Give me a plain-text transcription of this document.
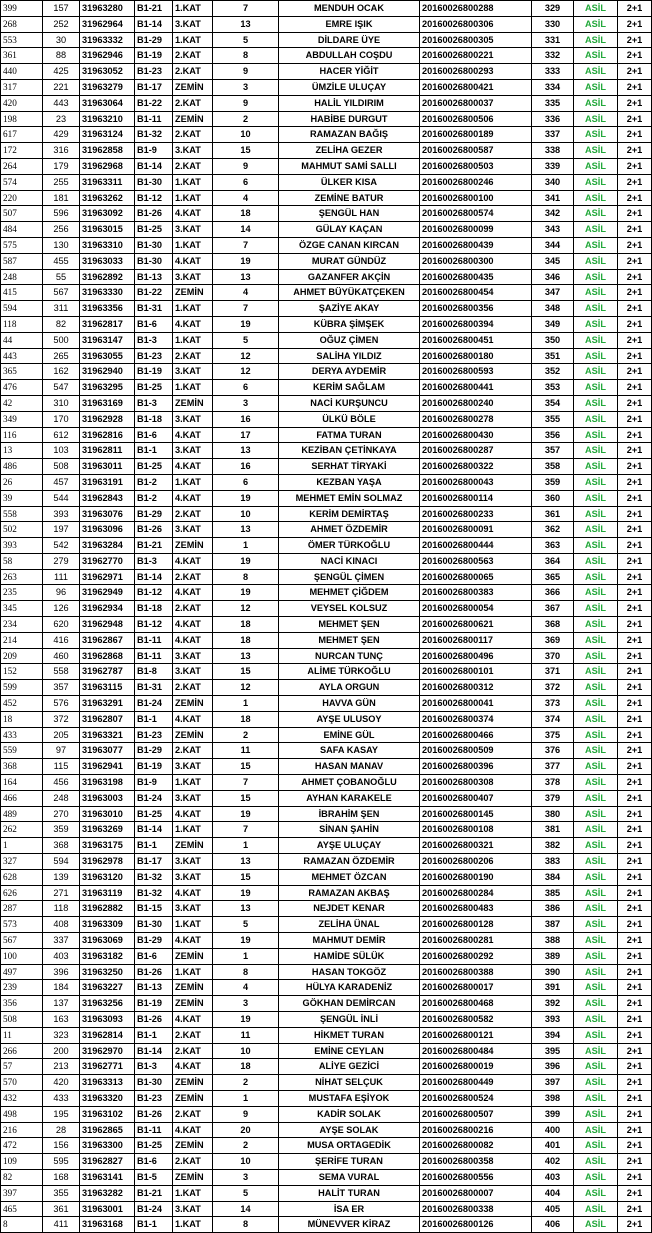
399	157	31963280	B1-21	1.KAT	7	MENDUH OCAK	20160026800288	329	ASİL	2+1
268	252	31962964	B1-14	3.KAT	13	EMRE IŞIK	20160026800306	330	ASİL	2+1
553	30	31963332	B1-29	1.KAT	5	DİLDARE ÜYE	20160026800305	331	ASİL	2+1
361	88	31962946	B1-19	2.KAT	8	ABDULLAH COŞDU	20160026800221	332	ASİL	2+1
440	425	31963052	B1-23	2.KAT	9	HACER YİĞİT	20160026800293	333	ASİL	2+1
317	221	31963279	B1-17	ZEMİN	3	ÜMZİLE ULUÇAY	20160026800421	334	ASİL	2+1
420	443	31963064	B1-22	2.KAT	9	HALİL YILDIRIM	20160026800037	335	ASİL	2+1
198	23	31963210	B1-11	ZEMİN	2	HABİBE DURGUT	20160026800506	336	ASİL	2+1
617	429	31963124	B1-32	2.KAT	10	RAMAZAN BAĞIŞ	20160026800189	337	ASİL	2+1
172	316	31962858	B1-9	3.KAT	15	ZELİHA GEZER	20160026800587	338	ASİL	2+1
264	179	31962968	B1-14	2.KAT	9	MAHMUT SAMİ SALLI	20160026800503	339	ASİL	2+1
574	255	31963311	B1-30	1.KAT	6	ÜLKER KISA	20160026800246	340	ASİL	2+1
220	181	31963262	B1-12	1.KAT	4	ZEMİNE BATUR	20160026800100	341	ASİL	2+1
507	596	31963092	B1-26	4.KAT	18	ŞENGÜL HAN	20160026800574	342	ASİL	2+1
484	256	31963015	B1-25	3.KAT	14	GÜLAY KAÇAN	20160026800099	343	ASİL	2+1
575	130	31963310	B1-30	1.KAT	7	ÖZGE CANAN KIRCAN	20160026800439	344	ASİL	2+1
587	455	31963033	B1-30	4.KAT	19	MURAT GÜNDÜZ	20160026800300	345	ASİL	2+1
248	55	31962892	B1-13	3.KAT	13	GAZANFER AKÇİN	20160026800435	346	ASİL	2+1
415	567	31963330	B1-22	ZEMİN	4	AHMET BÜYÜKATÇEKEN	20160026800454	347	ASİL	2+1
594	311	31963356	B1-31	1.KAT	7	ŞAZİYE AKAY	20160026800356	348	ASİL	2+1
118	82	31962817	B1-6	4.KAT	19	KÜBRA ŞİMŞEK	20160026800394	349	ASİL	2+1
44	500	31963147	B1-3	1.KAT	5	OĞUZ ÇİMEN	20160026800451	350	ASİL	2+1
443	265	31963055	B1-23	2.KAT	12	SALİHA YILDIZ	20160026800180	351	ASİL	2+1
365	162	31962940	B1-19	3.KAT	12	DERYA AYDEMİR	20160026800593	352	ASİL	2+1
476	547	31963295	B1-25	1.KAT	6	KERİM SAĞLAM	20160026800441	353	ASİL	2+1
42	310	31963169	B1-3	ZEMİN	3	NACİ KURŞUNCU	20160026800240	354	ASİL	2+1
349	170	31962928	B1-18	3.KAT	16	ÜLKÜ BÖLE	20160026800278	355	ASİL	2+1
116	612	31962816	B1-6	4.KAT	17	FATMA TURAN	20160026800430	356	ASİL	2+1
13	103	31962811	B1-1	3.KAT	13	KEZİBAN ÇETİNKAYA	20160026800287	357	ASİL	2+1
486	508	31963011	B1-25	4.KAT	16	SERHAT TİRYAKİ	20160026800322	358	ASİL	2+1
26	457	31963191	B1-2	1.KAT	6	KEZBAN YAŞA	20160026800043	359	ASİL	2+1
39	544	31962843	B1-2	4.KAT	19	MEHMET EMİN SOLMAZ	20160026800114	360	ASİL	2+1
558	393	31963076	B1-29	2.KAT	10	KERİM DEMİRTAŞ	20160026800233	361	ASİL	2+1
502	197	31963096	B1-26	3.KAT	13	AHMET ÖZDEMİR	20160026800091	362	ASİL	2+1
393	542	31963284	B1-21	ZEMİN	1	ÖMER TÜRKOĞLU	20160026800444	363	ASİL	2+1
58	279	31962770	B1-3	4.KAT	19	NACİ KINACI	20160026800563	364	ASİL	2+1
263	111	31962971	B1-14	2.KAT	8	ŞENGÜL ÇİMEN	20160026800065	365	ASİL	2+1
235	96	31962949	B1-12	4.KAT	19	MEHMET ÇİĞDEM	20160026800383	366	ASİL	2+1
345	126	31962934	B1-18	2.KAT	12	VEYSEL KOLSUZ	20160026800054	367	ASİL	2+1
234	620	31962948	B1-12	4.KAT	18	MEHMET ŞEN	20160026800621	368	ASİL	2+1
214	416	31962867	B1-11	4.KAT	18	MEHMET ŞEN	20160026800117	369	ASİL	2+1
209	460	31962868	B1-11	3.KAT	13	NURCAN TUNÇ	20160026800496	370	ASİL	2+1
152	558	31962787	B1-8	3.KAT	15	ALİME TÜRKOĞLU	20160026800101	371	ASİL	2+1
599	357	31963115	B1-31	2.KAT	12	AYLA ORGUN	20160026800312	372	ASİL	2+1
452	576	31963291	B1-24	ZEMİN	1	HAVVA GÜN	20160026800041	373	ASİL	2+1
18	372	31962807	B1-1	4.KAT	18	AYŞE ULUSOY	20160026800374	374	ASİL	2+1
433	205	31963321	B1-23	ZEMİN	2	EMİNE GÜL	20160026800466	375	ASİL	2+1
559	97	31963077	B1-29	2.KAT	11	SAFA KASAY	20160026800509	376	ASİL	2+1
368	115	31962941	B1-19	3.KAT	15	HASAN MANAV	20160026800396	377	ASİL	2+1
164	456	31963198	B1-9	1.KAT	7	AHMET ÇOBANOĞLU	20160026800308	378	ASİL	2+1
466	248	31963003	B1-24	3.KAT	15	AYHAN KARAKELE	20160026800407	379	ASİL	2+1
489	270	31963010	B1-25	4.KAT	19	İBRAHİM ŞEN	20160026800145	380	ASİL	2+1
262	359	31963269	B1-14	1.KAT	7	SİNAN ŞAHİN	20160026800108	381	ASİL	2+1
1	368	31963175	B1-1	ZEMİN	1	AYŞE ULUÇAY	20160026800321	382	ASİL	2+1
327	594	31962978	B1-17	3.KAT	13	RAMAZAN ÖZDEMİR	20160026800206	383	ASİL	2+1
628	139	31963120	B1-32	3.KAT	15	MEHMET ÖZCAN	20160026800190	384	ASİL	2+1
626	271	31963119	B1-32	4.KAT	19	RAMAZAN AKBAŞ	20160026800284	385	ASİL	2+1
287	118	31962882	B1-15	3.KAT	13	NEJDET KENAR	20160026800483	386	ASİL	2+1
573	408	31963309	B1-30	1.KAT	5	ZELİHA ÜNAL	20160026800128	387	ASİL	2+1
567	337	31963069	B1-29	4.KAT	19	MAHMUT DEMİR	20160026800281	388	ASİL	2+1
100	403	31963182	B1-6	ZEMİN	1	HAMİDE SÜLÜK	20160026800292	389	ASİL	2+1
497	396	31963250	B1-26	1.KAT	8	HASAN TOKGÖZ	20160026800388	390	ASİL	2+1
239	184	31963227	B1-13	ZEMİN	4	HÜLYA KARADENİZ	20160026800017	391	ASİL	2+1
356	137	31963256	B1-19	ZEMİN	3	GÖKHAN DEMİRCAN	20160026800468	392	ASİL	2+1
508	163	31963093	B1-26	4.KAT	19	ŞENGÜL İNLİ	20160026800582	393	ASİL	2+1
11	323	31962814	B1-1	2.KAT	11	HİKMET TURAN	20160026800121	394	ASİL	2+1
266	200	31962970	B1-14	2.KAT	10	EMİNE CEYLAN	20160026800484	395	ASİL	2+1
57	213	31962771	B1-3	4.KAT	18	ALİYE GEZİCİ	20160026800019	396	ASİL	2+1
570	420	31963313	B1-30	ZEMİN	2	NİHAT SELÇUK	20160026800449	397	ASİL	2+1
432	433	31963320	B1-23	ZEMİN	1	MUSTAFA EŞİYOK	20160026800524	398	ASİL	2+1
498	195	31963102	B1-26	2.KAT	9	KADİR SOLAK	20160026800507	399	ASİL	2+1
216	28	31962865	B1-11	4.KAT	20	AYŞE SOLAK	20160026800216	400	ASİL	2+1
472	156	31963300	B1-25	ZEMİN	2	MUSA ORTAGEDİK	20160026800082	401	ASİL	2+1
109	595	31962827	B1-6	2.KAT	10	ŞERİFE TURAN	20160026800358	402	ASİL	2+1
82	168	31963141	B1-5	ZEMİN	3	SEMA VURAL	20160026800556	403	ASİL	2+1
397	355	31963282	B1-21	1.KAT	5	HALİT TURAN	20160026800007	404	ASİL	2+1
465	361	31963001	B1-24	3.KAT	14	İSA ER	20160026800338	405	ASİL	2+1
8	411	31963168	B1-1	1.KAT	8	MÜNEVVER KİRAZ	20160026800126	406	ASİL	2+1
